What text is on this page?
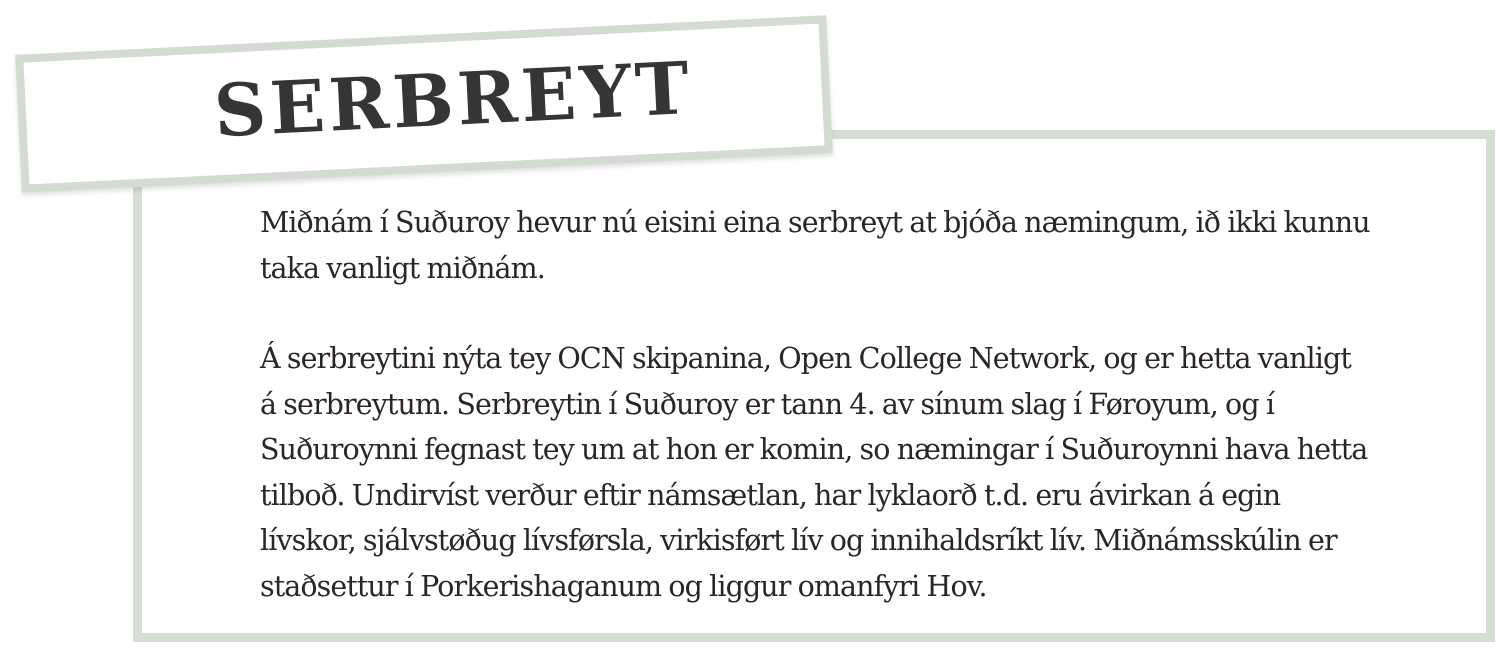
Miðnám í Suðuroy hevur nú eisini eina serbreyt at bjóða næmingum, ið ikki kunnu taka vanligt miðnám.

Á serbreytini nýta tey OCN skipanina, Open College Network, og er hetta vanligt á serbreytum. Serbreytin í Suðuroy er tann 4. av sínum slag í Føroyum, og í Suðuroynni fegnast tey um at hon er komin, so næmingar í Suðuroynni hava hetta tilboð. Undirvíst verður eftir námsætlan, har lyklaorð t.d. eru ávirkan á egin lívskor, sjálvstøðug lívsførsla, virkisført lív og innihaldsríkt lív. Miðnámsskúlin er staðsettur í Porkerishaganum og liggur omanfyri Hov.

SERBREYT
